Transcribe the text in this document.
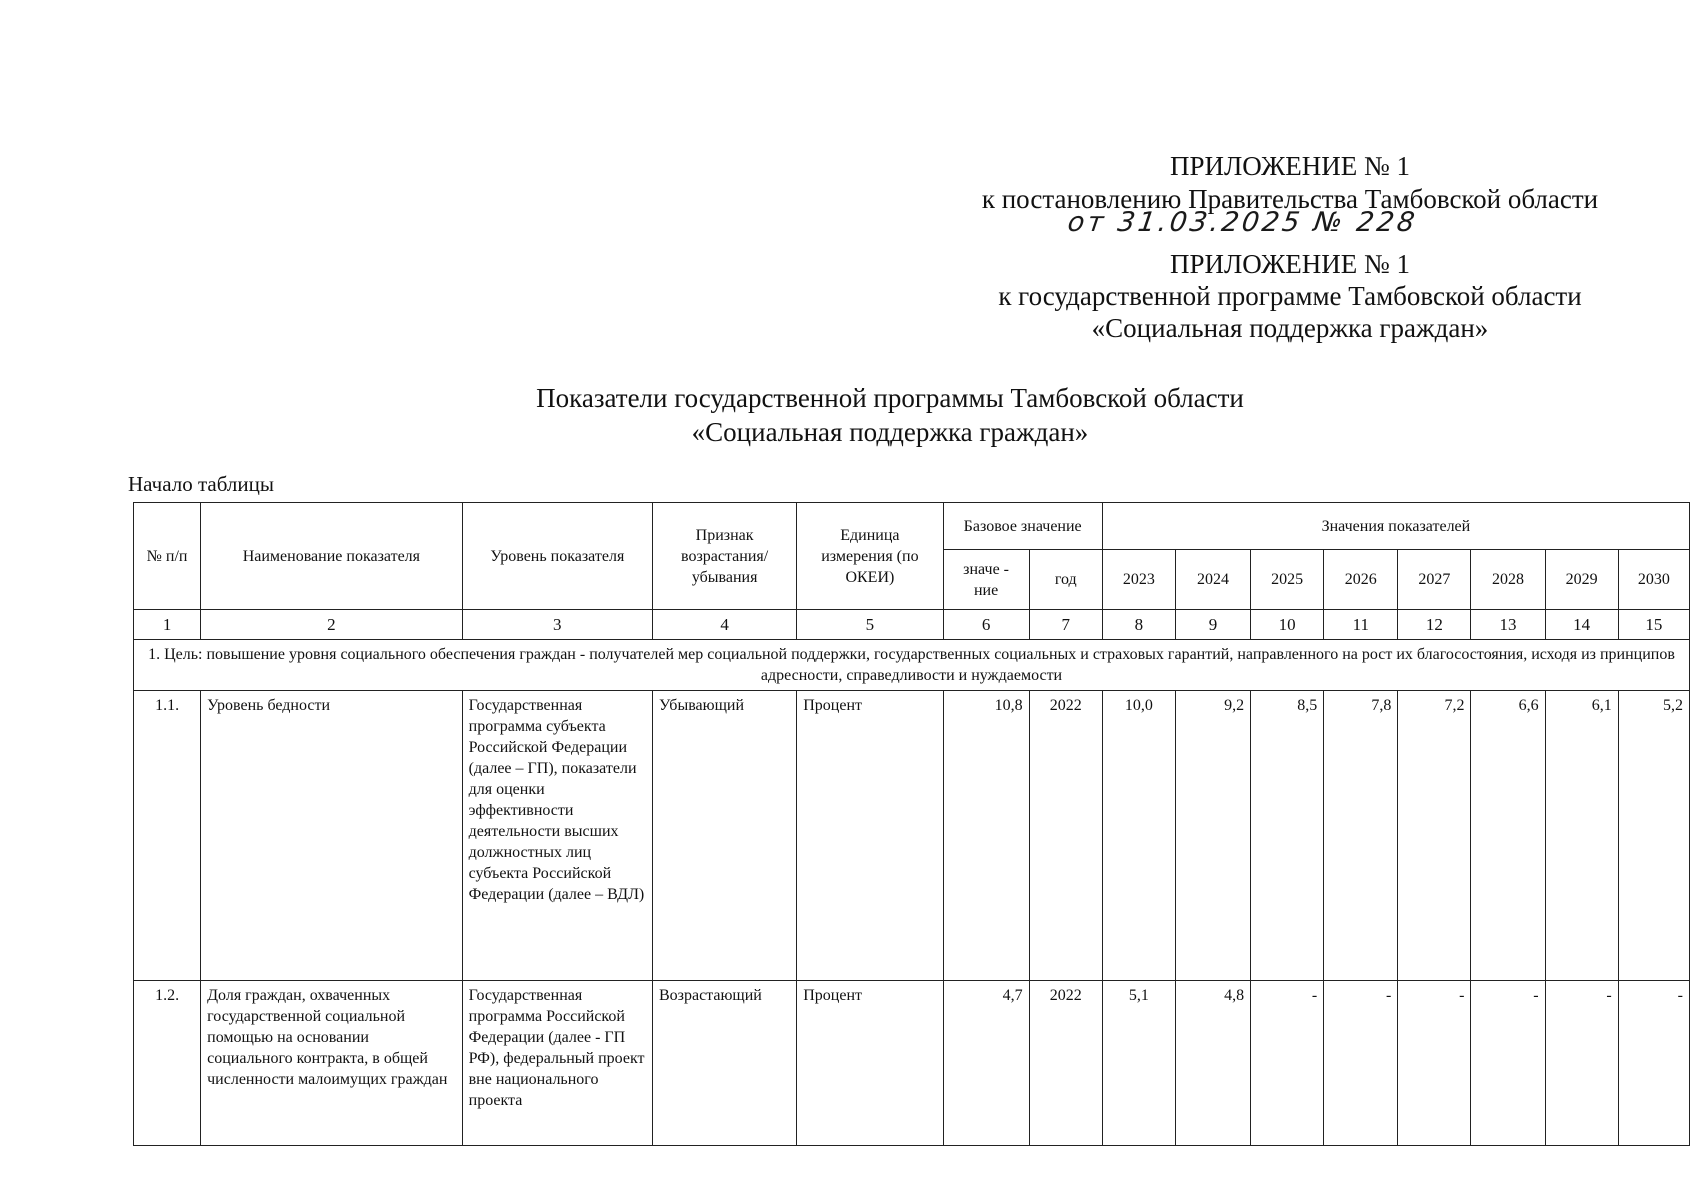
ПРИЛОЖЕНИЕ № 1
к постановлению Правительства Тамбовской области
от 31.03.2025 № 228
ПРИЛОЖЕНИЕ № 1
к государственной программе Тамбовской области
«Социальная поддержка граждан»
Показатели государственной программы Тамбовской области
«Социальная поддержка граждан»
Начало таблицы
№ п/п	Наименование показателя	Уровень показателя	Признак возрастания/ убывания	Единица измерения (по ОКЕИ)	Базовое значение		Значения показателей							
					значе - ние	год	2023	2024	2025	2026	2027	2028	2029	2030
1	2	3	4	5	6	7	8	9	10	11	12	13	14	15
1. Цель: повышение уровня социального обеспечения граждан - получателей мер социальной поддержки, государственных социальных и страховых гарантий, направленного на рост их благосостояния, исходя из принципов адресности, справедливости и нуждаемости														
1.1.	Уровень бедности	Государственная программа субъекта Российской Федерации (далее – ГП), показатели для оценки эффективности деятельности высших должностных лиц субъекта Российской Федерации (далее – ВДЛ)	Убывающий	Процент	10,8	2022	10,0	9,2	8,5	7,8	7,2	6,6	6,1	5,2
1.2.	Доля граждан, охваченных государственной социальной помощью на основании социального контракта, в общей численности малоимущих граждан	Государственная программа Российской Федерации (далее - ГП РФ), федеральный проект вне национального проекта	Возрастающий	Процент	4,7	2022	5,1	4,8	-	-	-	-	-	-
